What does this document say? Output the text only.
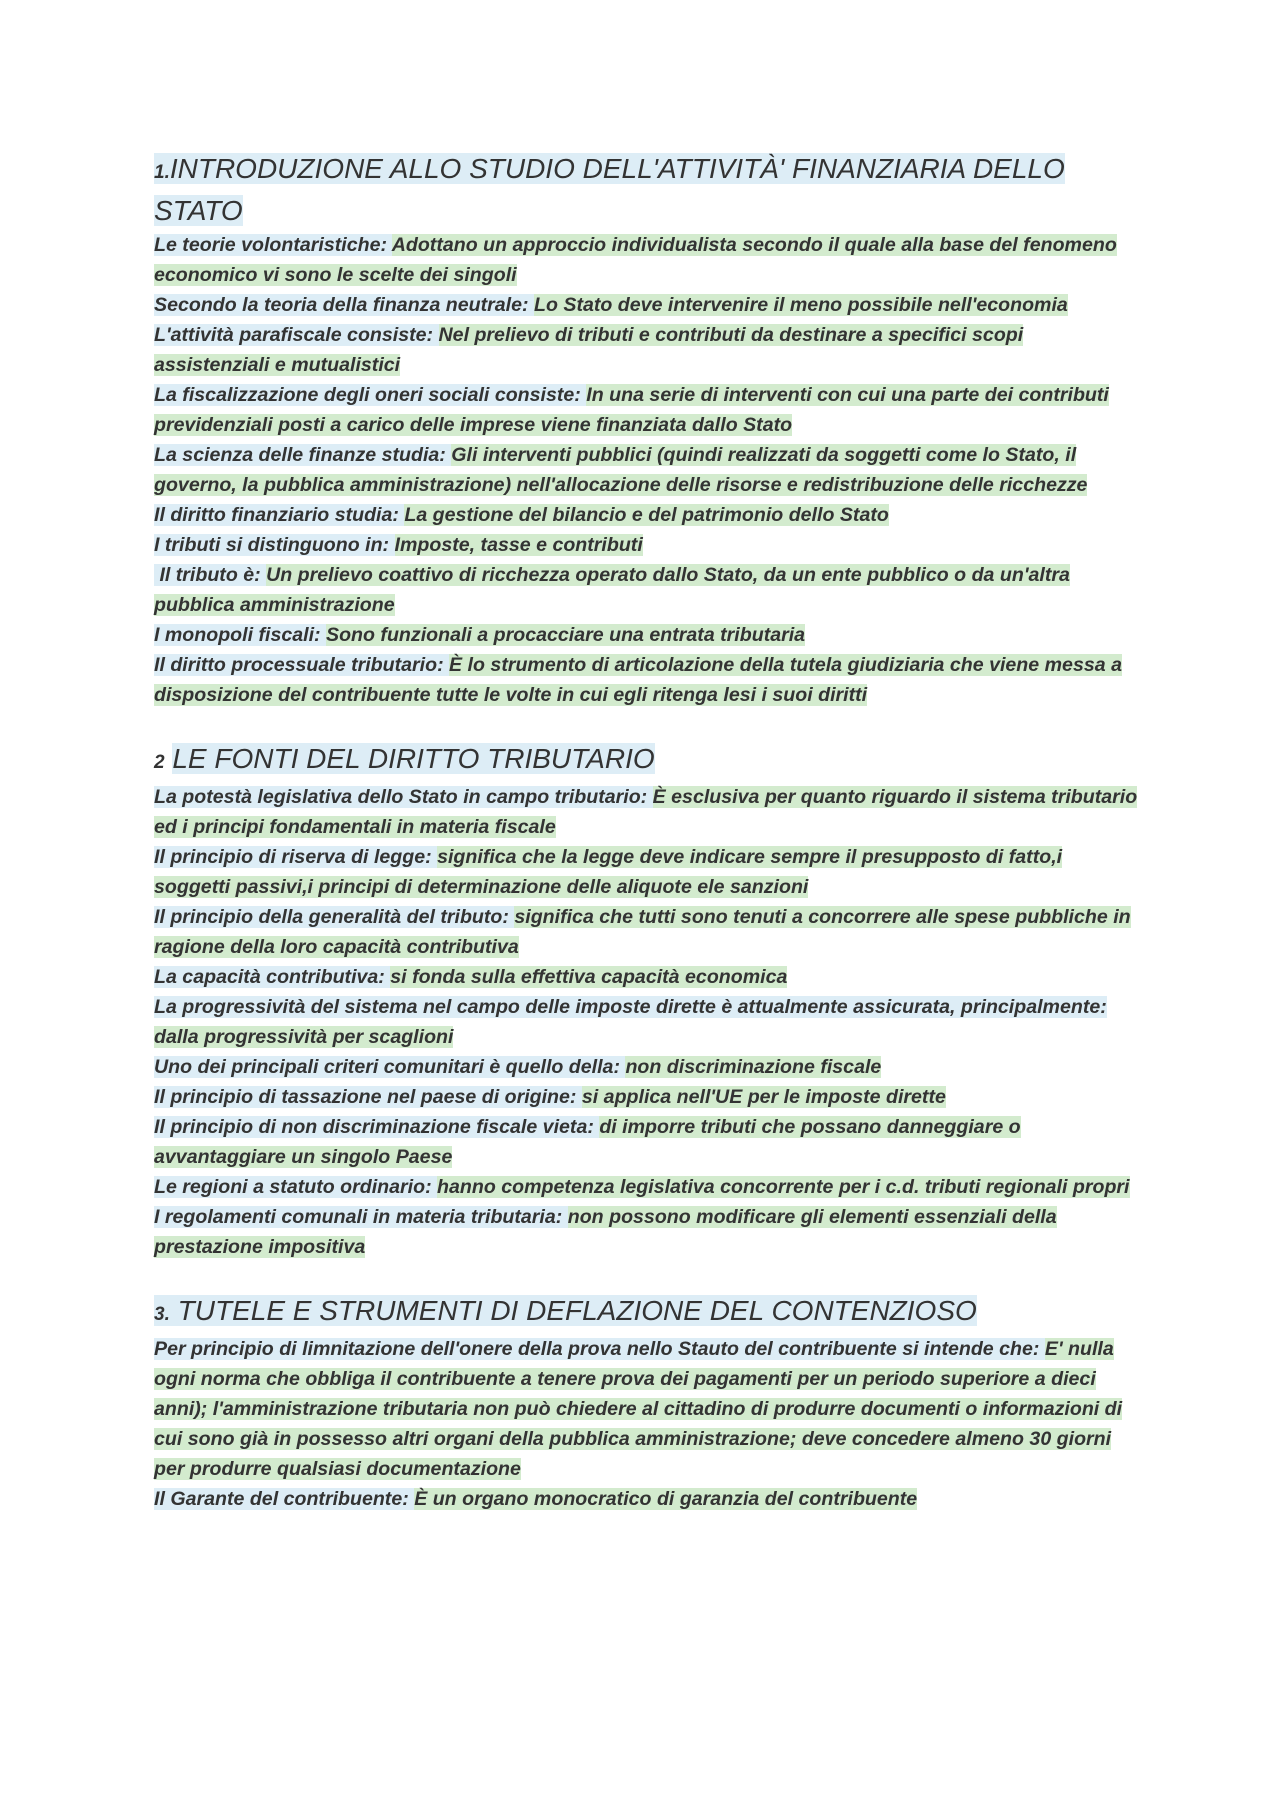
1.INTRODUZIONE ALLO STUDIO DELL'ATTIVITÀ' FINANZIARIA DELLO STATO
Le teorie volontaristiche: Adottano un approccio individualista secondo il quale alla base del fenomeno economico vi sono le scelte dei singoli
Secondo la teoria della finanza neutrale: Lo Stato deve intervenire il meno possibile nell'economia
L'attività parafiscale consiste: Nel prelievo di tributi e contributi da destinare a specifici scopi assistenziali e mutualistici
La fiscalizzazione degli oneri sociali consiste: In una serie di interventi con cui una parte dei contributi previdenziali posti a carico delle imprese viene finanziata dallo Stato
La scienza delle finanze studia: Gli interventi pubblici (quindi realizzati da soggetti come lo Stato, il governo, la pubblica amministrazione) nell'allocazione delle risorse e redistribuzione delle ricchezze
Il diritto finanziario studia: La gestione del bilancio e del patrimonio dello Stato
I tributi si distinguono in: Imposte, tasse e contributi
Il tributo è: Un prelievo coattivo di ricchezza operato dallo Stato, da un ente pubblico o da un'altra pubblica amministrazione
I monopoli fiscali: Sono funzionali a procacciare una entrata tributaria
Il diritto processuale tributario: È lo strumento di articolazione della tutela giudiziaria che viene messa a disposizione del contribuente tutte le volte in cui egli ritenga lesi i suoi diritti
2 LE FONTI DEL DIRITTO TRIBUTARIO
La potestà legislativa dello Stato in campo tributario: È esclusiva per quanto riguardo il sistema tributario ed i principi fondamentali in materia fiscale
Il principio di riserva di legge: significa che la legge deve indicare sempre il presupposto di fatto,i soggetti passivi,i principi di determinazione delle aliquote ele sanzioni
Il principio della generalità del tributo: significa che tutti sono tenuti a concorrere alle spese pubbliche in ragione della loro capacità contributiva
La capacità contributiva: si fonda sulla effettiva capacità economica
La progressività del sistema nel campo delle imposte dirette è attualmente assicurata, principalmente: dalla progressività per scaglioni
Uno dei principali criteri comunitari è quello della: non discriminazione fiscale
Il principio di tassazione nel paese di origine: si applica nell'UE per le imposte dirette
Il principio di non discriminazione fiscale vieta: di imporre tributi che possano danneggiare o avvantaggiare un singolo Paese
Le regioni a statuto ordinario: hanno competenza legislativa concorrente per i c.d. tributi regionali propri
I regolamenti comunali in materia tributaria: non possono modificare gli elementi essenziali della prestazione impositiva
3. TUTELE E STRUMENTI DI DEFLAZIONE DEL CONTENZIOSO
Per principio di limnitazione dell'onere della prova nello Stauto del contribuente si intende che: E' nulla ogni norma che obbliga il contribuente a tenere prova dei pagamenti per un periodo superiore a dieci anni); l'amministrazione tributaria non può chiedere al cittadino di produrre documenti o informazioni di cui sono già in possesso altri organi della pubblica amministrazione; deve concedere almeno 30 giorni per produrre qualsiasi documentazione
Il Garante del contribuente: È un organo monocratico di garanzia del contribuente
